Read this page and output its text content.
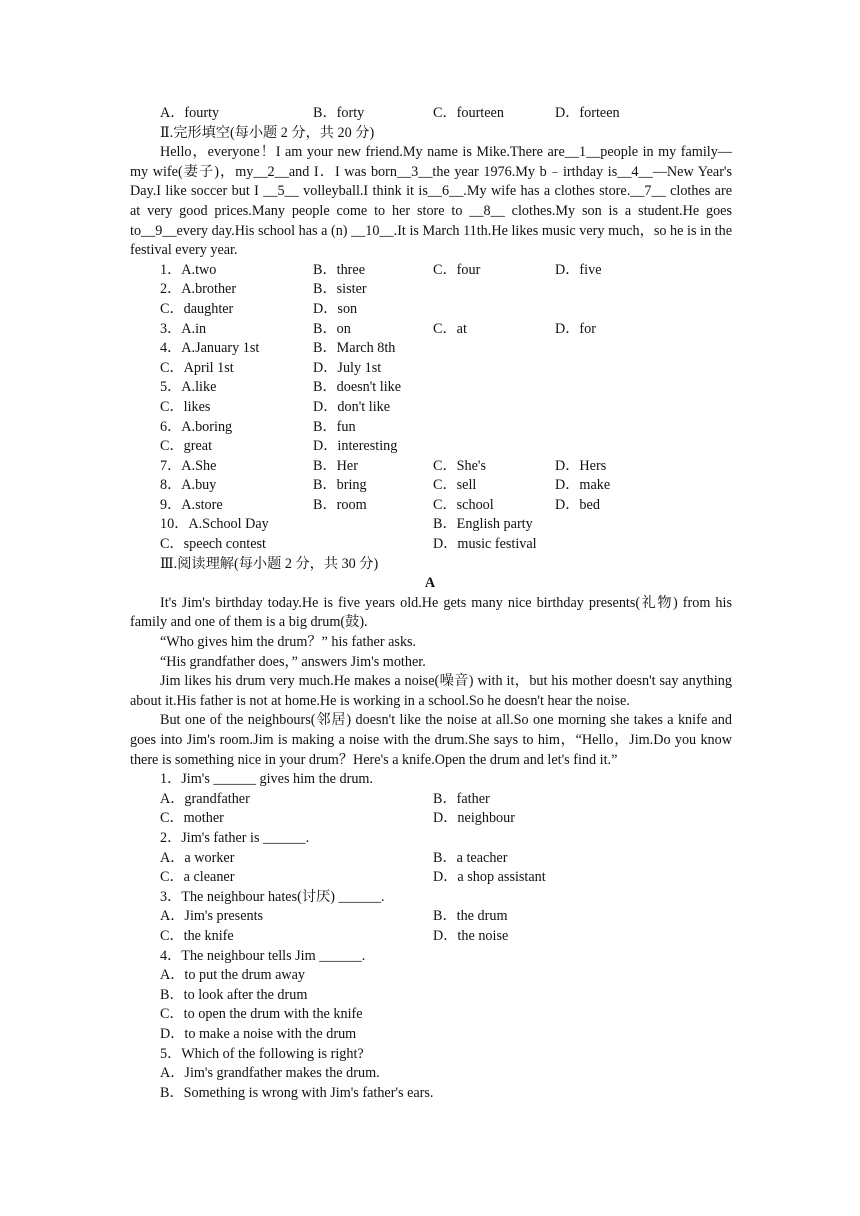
A．fourty	B．forty	C．fourteen	D．forteen
Ⅱ.完形填空(每小题 2 分，共 20 分)
Hello，everyone！I am your new friend.My name is Mike.There are__1__people in my family—my wife(妻子)，my__2__and I．I was born__3__the year 1976.My b﹣irthday is__4__—New Year's Day.I like soccer but I __5__ volleyball.I think it is__6__.My wife has a clothes store.__7__ clothes are at very good prices.Many people come to her store to __8__ clothes.My son is a student.He goes to__9__every day.His school has a (n) __10__.It is March 11th.He likes music very much，so he is in the festival every year.
1．A.two	B．three	C．four	D．five
2．A.brother	B．sister
C．daughter	D．son
3．A.in	B．on	C．at	D．for
4．A.January 1st	B．March 8th
C．April 1st	D．July 1st
5．A.like	B．doesn't like
C．likes	D．don't like
6．A.boring	B．fun
C．great	D．interesting
7．A.She	B．Her	C．She's	D．Hers
8．A.buy	B．bring	C．sell	D．make
9．A.store	B．room	C．school	D．bed
10．A.School Day	B．English party
C．speech contest	D．music festival
Ⅲ.阅读理解(每小题 2 分，共 30 分)
A
It's Jim's birthday today.He is five years old.He gets many nice birthday presents(礼物) from his family and one of them is a big drum(鼓).
“Who gives him the drum？” his father asks.
“His grandfather does，” answers Jim's mother.
Jim likes his drum very much.He makes a noise(噪音) with it，but his mother doesn't say anything about it.His father is not at home.He is working in a school.So he doesn't hear the noise.
But one of the neighbours(邻居) doesn't like the noise at all.So one morning she takes a knife and goes into Jim's room.Jim is making a noise with the drum.She says to him，“Hello，Jim.Do you know there is something nice in your drum？Here's a knife.Open the drum and let's find it.”
1．Jim's ______ gives him the drum.
A．grandfather	B．father
C．mother	D．neighbour
2．Jim's father is ______.
A．a worker	B．a teacher
C．a cleaner	D．a shop assistant
3．The neighbour hates(讨厌) ______.
A．Jim's presents	B．the drum
C．the knife	D．the noise
4．The neighbour tells Jim ______.
A．to put the drum away
B．to look after the drum
C．to open the drum with the knife
D．to make a noise with the drum
5．Which of the following is right?
A．Jim's grandfather makes the drum.
B．Something is wrong with Jim's father's ears.
